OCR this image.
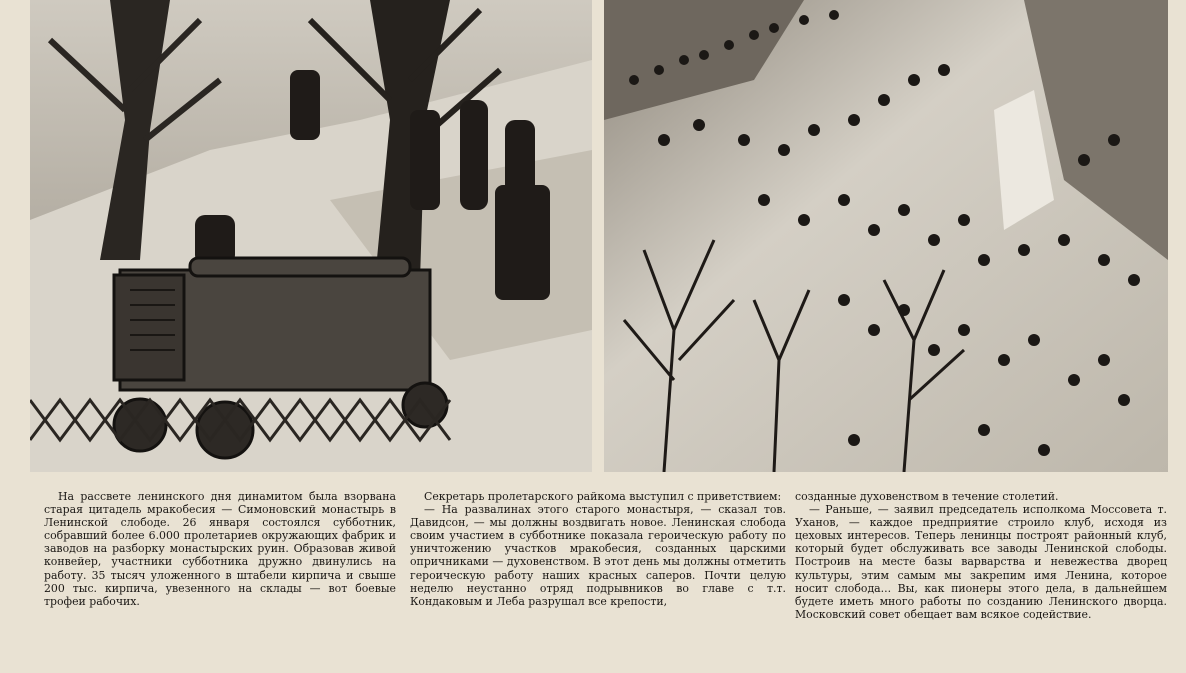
На рассвете ленинского дня динамитом была взорвана старая цитадель мракобесия — Симоновский монастырь в Ленинской слободе. 26 января состоялся субботник, собравший более 6.000 пролетариев окружающих фабрик и заводов на разборку монастырских руин. Образовав живой конвейер, участники субботника дружно двинулись на работу. 35 тысяч уложенного в штабели кирпича и свыше 200 тыс. кирпича, увезенного на склады — вот боевые трофеи рабочих.

Секретарь пролетарского райкома выступил с приветствием:

— На развалинах этого старого монастыря, — сказал тов. Давидсон, — мы должны воздвигать новое. Ленинская слобода своим участием в субботнике показала героическую работу по уничтожению участков мракобесия, созданных царскими опричниками — духовенством. В этот день мы должны отметить героическую работу наших красных саперов. Почти целую неделю неустанно отряд подрывников во главе с т.т. Кондаковым и Леба разрушал все крепости,

созданные духовенством в течение столетий.

— Раньше, — заявил председатель исполкома Моссовета т. Уханов, — каждое предприятие строило клуб, исходя из цеховых интересов. Теперь ленинцы построят районный клуб, который будет обслуживать все заводы Ленинской слободы. Построив на месте базы варварства и невежества дворец культуры, этим самым мы закрепим имя Ленина, которое носит слобода... Вы, как пионеры этого дела, в дальнейшем будете иметь много работы по созданию Ленинского дворца. Московский совет обещает вам всякое содействие.
